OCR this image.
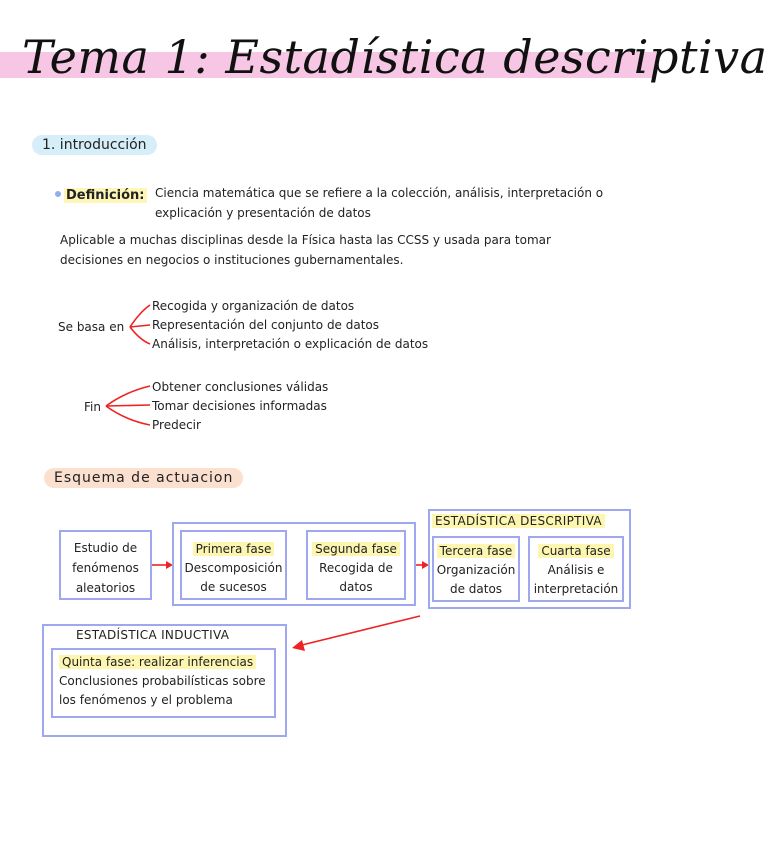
Tema 1: Estadística descriptiva
1. introducción
Definición: Ciencia matemática que se refiere a la colección, análisis, interpretación o
explicación y presentación de datos
Aplicable a muchas disciplinas desde la Física hasta las CCSS y usada para tomar
decisiones en negocios o instituciones gubernamentales.
Se basa en
Recogida y organización de datos
Representación del conjunto de datos
Análisis, interpretación o explicación de datos
Fin
Obtener conclusiones válidas
Tomar decisiones informadas
Predecir
Esquema de actuacion
Estudio de
fenómenos
aleatorios
Primera fase
Descomposición
de sucesos
Segunda fase
Recogida de
datos
ESTADÍSTICA DESCRIPTIVA
Tercera fase
Organización
de datos
Cuarta fase
Análisis e
interpretación
ESTADÍSTICA INDUCTIVA
Quinta fase: realizar inferencias
Conclusiones probabilísticas sobre
los fenómenos y el problema
